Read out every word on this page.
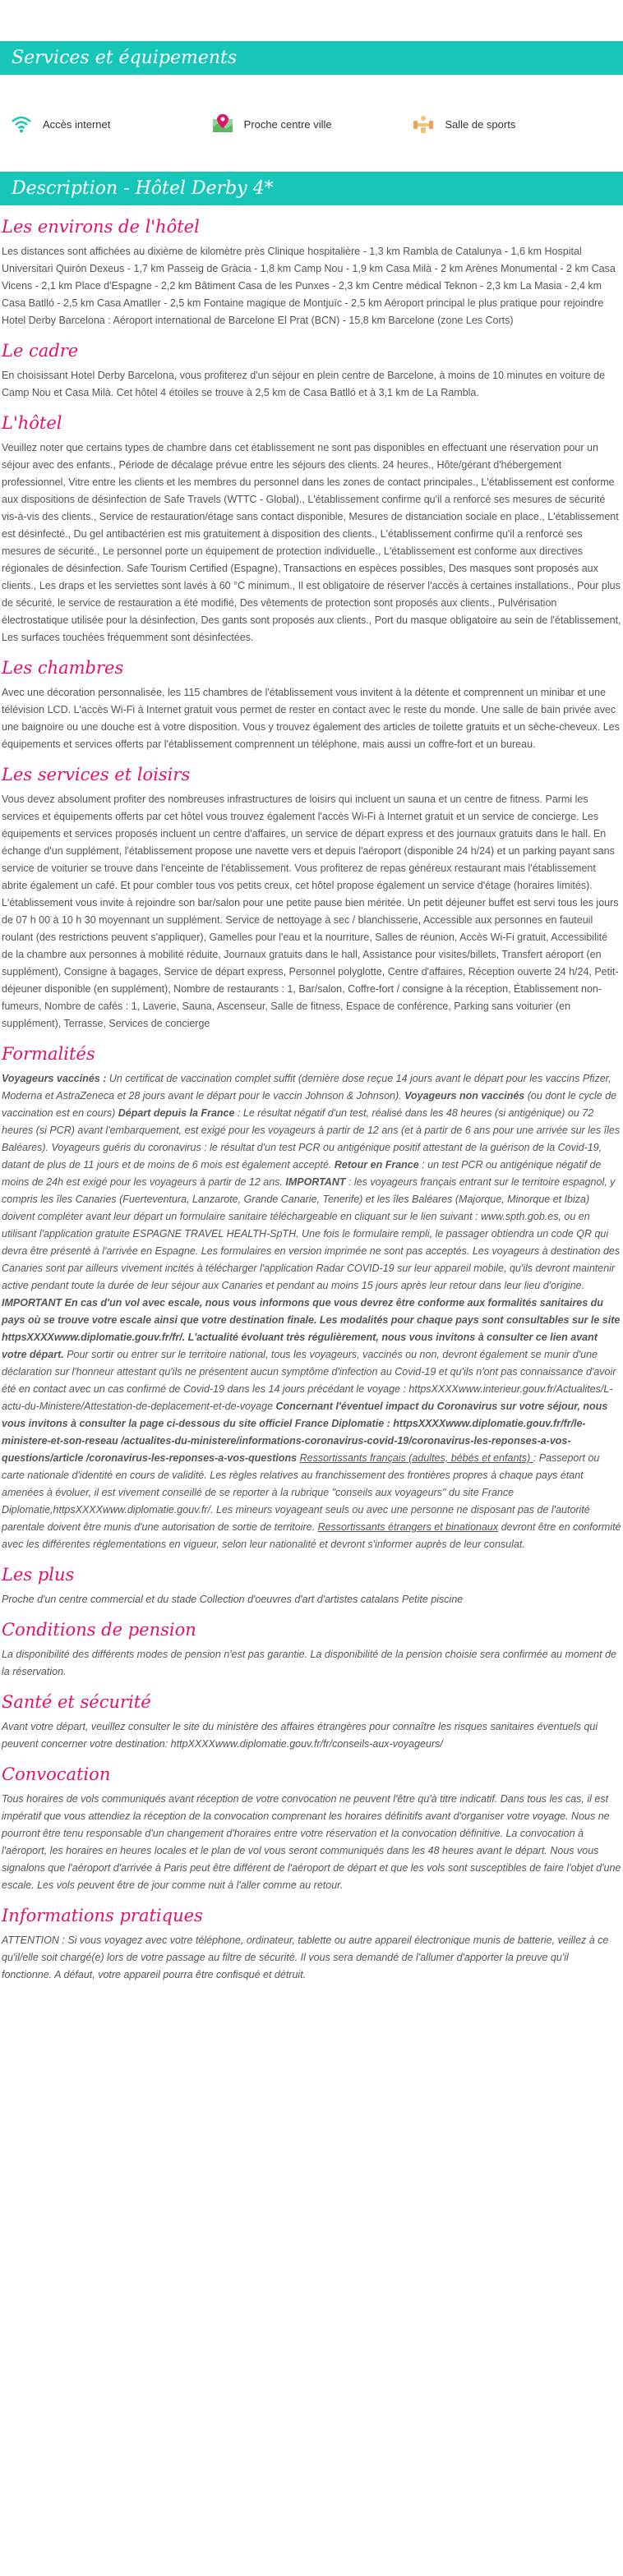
Services et équipements
Accès internet	Proche centre ville	Salle de sports
Description - Hôtel Derby 4*
Les environs de l'hôtel

Les distances sont affichées au dixième de kilomètre près Clinique hospitalière - 1,3 km Rambla de Catalunya - 1,6 km Hospital Universitari Quirón Dexeus - 1,7 km Passeig de Gràcia - 1,8 km Camp Nou - 1,9 km Casa Milà - 2 km Arènes Monumental - 2 km Casa Vicens - 2,1 km Place d'Espagne - 2,2 km Bâtiment Casa de les Punxes - 2,3 km Centre médical Teknon - 2,3 km La Masia - 2,4 km Casa Batlló - 2,5 km Casa Amatller - 2,5 km Fontaine magique de Montjuïc - 2,5 km Aéroport principal le plus pratique pour rejoindre Hotel Derby Barcelona : Aéroport international de Barcelone El Prat (BCN) - 15,8 km Barcelone (zone Les Corts)

Le cadre

En choisissant Hotel Derby Barcelona, vous profiterez d'un séjour en plein centre de Barcelone, à moins de 10 minutes en voiture de Camp Nou et Casa Milà. Cet hôtel 4 étoiles se trouve à 2,5 km de Casa Batlló et à 3,1 km de La Rambla.

L'hôtel

Veuillez noter que certains types de chambre dans cet établissement ne sont pas disponibles en effectuant une réservation pour un séjour avec des enfants., Période de décalage prévue entre les séjours des clients. 24 heures., Hôte/gérant d'hébergement professionnel, Vitre entre les clients et les membres du personnel dans les zones de contact principales., L'établissement est conforme aux dispositions de désinfection de Safe Travels (WTTC - Global)., L'établissement confirme qu'il a renforcé ses mesures de sécurité vis-à-vis des clients., Service de restauration/étage sans contact disponible, Mesures de distanciation sociale en place., L'établissement est désinfecté., Du gel antibactérien est mis gratuitement à disposition des clients., L'établissement confirme qu'il a renforcé ses mesures de sécurité., Le personnel porte un équipement de protection individuelle., L'établissement est conforme aux directives régionales de désinfection. Safe Tourism Certified (Espagne), Transactions en espèces possibles, Des masques sont proposés aux clients., Les draps et les serviettes sont lavés à 60 °C minimum., Il est obligatoire de réserver l'accès à certaines installations., Pour plus de sécurité, le service de restauration a été modifié, Des vêtements de protection sont proposés aux clients., Pulvérisation électrostatique utilisée pour la désinfection, Des gants sont proposés aux clients., Port du masque obligatoire au sein de l'établissement, Les surfaces touchées fréquemment sont désinfectées.

Les chambres

Avec une décoration personnalisée, les 115 chambres de l'établissement vous invitent à la détente et comprennent un minibar et une télévision LCD. L'accès Wi-Fi à Internet gratuit vous permet de rester en contact avec le reste du monde. Une salle de bain privée avec une baignoire ou une douche est à votre disposition. Vous y trouvez également des articles de toilette gratuits et un sèche-cheveux. Les équipements et services offerts par l'établissement comprennent un téléphone, mais aussi un coffre-fort et un bureau.

Les services et loisirs

Vous devez absolument profiter des nombreuses infrastructures de loisirs qui incluent un sauna et un centre de fitness. Parmi les services et équipements offerts par cet hôtel vous trouvez également l'accès Wi-Fi à Internet gratuit et un service de concierge. Les équipements et services proposés incluent un centre d'affaires, un service de départ express et des journaux gratuits dans le hall. En échange d'un supplément, l'établissement propose une navette vers et depuis l'aéroport (disponible 24 h/24) et un parking payant sans service de voiturier se trouve dans l'enceinte de l'établissement. Vous profiterez de repas généreux restaurant mais l'établissement abrite également un café. Et pour combler tous vos petits creux, cet hôtel propose également un service d'étage (horaires limités). L'établissement vous invite à rejoindre son bar/salon pour une petite pause bien méritée. Un petit déjeuner buffet est servi tous les jours de 07 h 00 à 10 h 30 moyennant un supplément. Service de nettoyage à sec / blanchisserie, Accessible aux personnes en fauteuil roulant (des restrictions peuvent s'appliquer), Gamelles pour l'eau et la nourriture, Salles de réunion, Accès Wi-Fi gratuit, Accessibilité de la chambre aux personnes à mobilité réduite, Journaux gratuits dans le hall, Assistance pour visites/billets, Transfert aéroport (en supplément), Consigne à bagages, Service de départ express, Personnel polyglotte, Centre d'affaires, Réception ouverte 24 h/24, Petit-déjeuner disponible (en supplément), Nombre de restaurants : 1, Bar/salon, Coffre-fort / consigne à la réception, Établissement non-fumeurs, Nombre de cafés : 1, Laverie, Sauna, Ascenseur, Salle de fitness, Espace de conférence, Parking sans voiturier (en supplément), Terrasse, Services de concierge

Formalités

Voyageurs vaccinés : Un certificat de vaccination complet suffit (dernière dose reçue 14 jours avant le départ pour les vaccins Pfizer, Moderna et AstraZeneca et 28 jours avant le départ pour le vaccin Johnson & Johnson). Voyageurs non vaccinés (ou dont le cycle de vaccination est en cours) Départ depuis la France : Le résultat négatif d'un test, réalisé dans les 48 heures (si antigénique) ou 72 heures (si PCR) avant l'embarquement, est exigé pour les voyageurs à partir de 12 ans (et à partir de 6 ans pour une arrivée sur les îles Baléares). Voyageurs guéris du coronavirus : le résultat d'un test PCR ou antigénique positif attestant de la guérison de la Covid-19, datant de plus de 11 jours et de moins de 6 mois est également accepté. Retour en France : un test PCR ou antigénique négatif de moins de 24h est exigé pour les voyageurs à partir de 12 ans. IMPORTANT : les voyageurs français entrant sur le territoire espagnol, y compris les îles Canaries (Fuerteventura, Lanzarote, Grande Canarie, Tenerife) et les îles Baléares (Majorque, Minorque et Ibiza) doivent compléter avant leur départ un formulaire sanitaire téléchargeable en cliquant sur le lien suivant : www.spth.gob.es, ou en utilisant l'application gratuite ESPAGNE TRAVEL HEALTH-SpTH. Une fois le formulaire rempli, le passager obtiendra un code QR qui devra être présenté à l'arrivée en Espagne. Les formulaires en version imprimée ne sont pas acceptés. Les voyageurs à destination des Canaries sont par ailleurs vivement incités à télécharger l'application Radar COVID-19 sur leur appareil mobile, qu'ils devront maintenir active pendant toute la durée de leur séjour aux Canaries et pendant au moins 15 jours après leur retour dans leur lieu d'origine. IMPORTANT En cas d'un vol avec escale, nous vous informons que vous devrez être conforme aux formalités sanitaires du pays où se trouve votre escale ainsi que votre destination finale. Les modalités pour chaque pays sont consultables sur le site httpsXXXXwww.diplomatie.gouv.fr/fr/. L'actualité évoluant très régulièrement, nous vous invitons à consulter ce lien avant votre départ. Pour sortir ou entrer sur le territoire national, tous les voyageurs, vaccinés ou non, devront également se munir d'une déclaration sur l'honneur attestant qu'ils ne présentent aucun symptôme d'infection au Covid-19 et qu'ils n'ont pas connaissance d'avoir été en contact avec un cas confirmé de Covid-19 dans les 14 jours précédant le voyage : httpsXXXXwww.interieur.gouv.fr/Actualites/L-actu-du-Ministere/Attestation-de-deplacement-et-de-voyage Concernant l'éventuel impact du Coronavirus sur votre séjour, nous vous invitons à consulter la page ci-dessous du site officiel France Diplomatie : httpsXXXXwww.diplomatie.gouv.fr/fr/le-ministere-et-son-reseau /actualites-du-ministere/informations-coronavirus-covid-19/coronavirus-les-reponses-a-vos-questions/article /coronavirus-les-reponses-a-vos-questions Ressortissants français (adultes, bébés et enfants) : Passeport ou carte nationale d'identité en cours de validité. Les règles relatives au franchissement des frontières propres à chaque pays étant amenées à évoluer, il est vivement conseillé de se reporter à la rubrique "conseils aux voyageurs" du site France Diplomatie,httpsXXXXwww.diplomatie.gouv.fr/. Les mineurs voyageant seuls ou avec une personne ne disposant pas de l'autorité parentale doivent être munis d'une autorisation de sortie de territoire. Ressortissants étrangers et binationaux devront être en conformité avec les différentes réglementations en vigueur, selon leur nationalité et devront s'informer auprès de leur consulat.

Les plus

Proche d'un centre commercial et du stade Collection d'oeuvres d'art d'artistes catalans Petite piscine

Conditions de pension

La disponibilité des différents modes de pension n'est pas garantie. La disponibilité de la pension choisie sera confirmée au moment de la réservation.

Santé et sécurité

Avant votre départ, veuillez consulter le site du ministère des affaires étrangères pour connaître les risques sanitaires éventuels qui peuvent concerner votre destination: httpXXXXwww.diplomatie.gouv.fr/fr/conseils-aux-voyageurs/

Convocation

Tous horaires de vols communiqués avant réception de votre convocation ne peuvent l'être qu'à titre indicatif. Dans tous les cas, il est impératif que vous attendiez la réception de la convocation comprenant les horaires définitifs avant d'organiser votre voyage. Nous ne pourront être tenu responsable d'un changement d'horaires entre votre réservation et la convocation définitive. La convocation à l'aéroport, les horaires en heures locales et le plan de vol vous seront communiqués dans les 48 heures avant le départ. Nous vous signalons que l'aéroport d'arrivée à Paris peut être différent de l'aéroport de départ et que les vols sont susceptibles de faire l'objet d'une escale. Les vols peuvent être de jour comme nuit à l'aller comme au retour.

Informations pratiques

ATTENTION : Si vous voyagez avec votre téléphone, ordinateur, tablette ou autre appareil électronique munis de batterie, veillez à ce qu'il/elle soit chargé(e) lors de votre passage au filtre de sécurité. Il vous sera demandé de l'allumer d'apporter la preuve qu'il fonctionne. A défaut, votre appareil pourra être confisqué et détruit.
